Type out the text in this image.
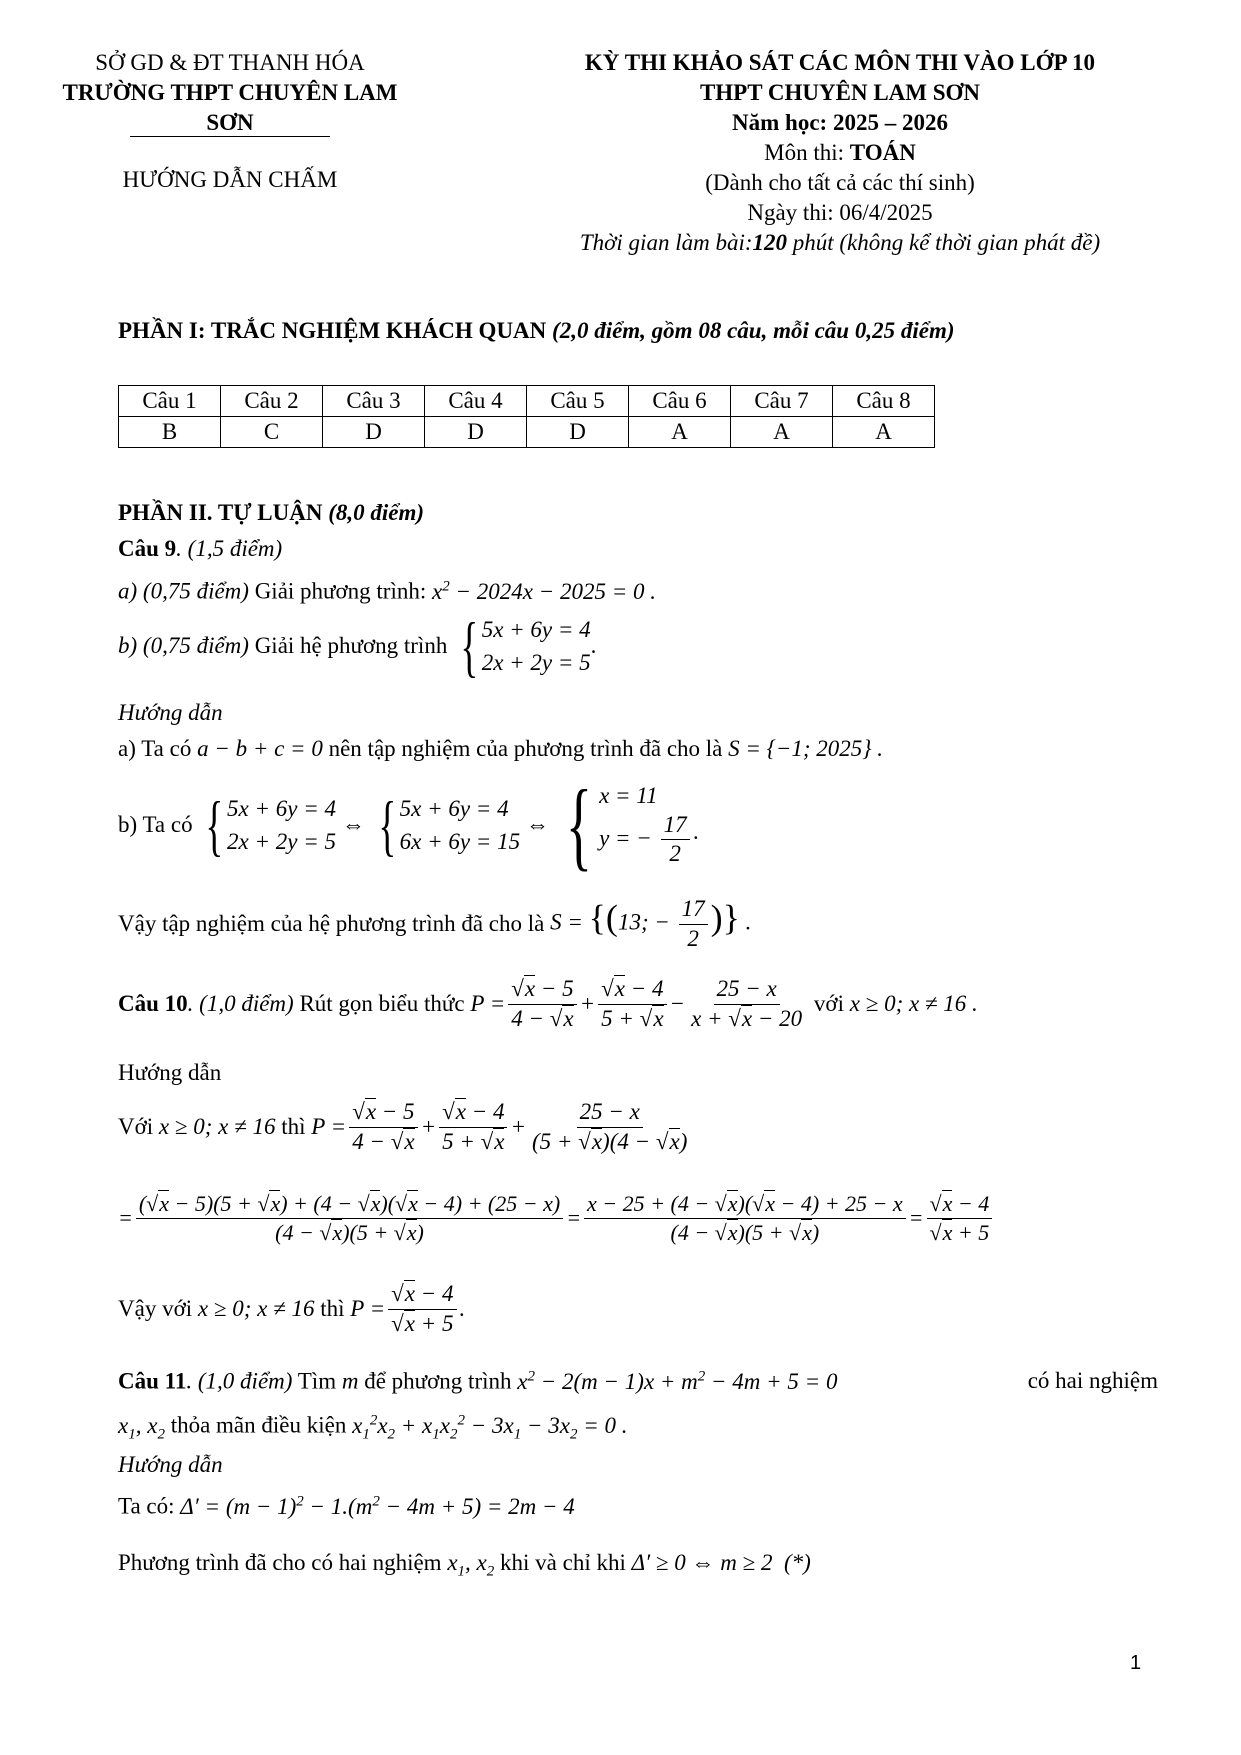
SỞ GD & ĐT THANH HÓA
TRƯỜNG THPT CHUYÊN LAM SƠN
HƯỚNG DẪN CHẤM
KỲ THI KHẢO SÁT CÁC MÔN THI VÀO LỚP 10
THPT CHUYÊN LAM SƠN
Năm học: 2025 – 2026
Môn thi: TOÁN
(Dành cho tất cả các thí sinh)
Ngày thi: 06/4/2025
Thời gian làm bài:120 phút (không kể thời gian phát đề)
PHẦN I: TRẮC NGHIỆM KHÁCH QUAN (2,0 điểm, gồm 08 câu, mỗi câu 0,25 điểm)
Câu 1	Câu 2	Câu 3	Câu 4	Câu 5	Câu 6	Câu 7	Câu 8
B	C	D	D	D	A	A	A
PHẦN II. TỰ LUẬN (8,0 điểm)
Câu 9. (1,5 điểm)
a) (0,75 điểm) Giải phương trình: $x^2 - 2024x - 2025 = 0$ .
b) (0,75 điểm) Giải hệ phương trình { 5x + 6y = 4
2x + 2y = 5
.
Hướng dẫn
a) Ta có a − b + c = 0 nên tập nghiệm của phương trình đã cho là S = {−1; 2025} .
b) Ta có { 5x + 6y = 4
2x + 2y = 5
⇔ { 5x + 6y = 4
6x + 6y = 15
⇔ { x = 11
y = − $\frac{17}{2}$ ·
Vậy tập nghiệm của hệ phương trình đã cho là S = {(13; − $\frac{17}{2}$ )} .
Câu 10 . (1,0 điểm) Rút gọn biểu thức $P = \frac{√x - 5}{4 - √x} + \frac{√x - 4}{5 + √x} - \frac{25 - x}{x + √x - 20}$ với x ≥ 0; x ≠ 16 .
Hướng dẫn
Với x ≥ 0; x ≠ 16 thì $P = \frac{√x - 5}{4 - √x} + \frac{√x - 4}{5 + √x} + \frac{25 - x}{(5 + √x)(4 - √x)}$
= $\frac{(√x - 5)(5 + √x) + (4 - √x)(√x - 4) + (25 - x)}{(4 - √x)(5 + √x)} = \frac{x - 25 + (4 - √x)(√x - 4) + 25 - x}{(4 - √x)(5 + √x)} = \frac{√x - 4}{√x + 5}$
Vậy với x ≥ 0; x ≠ 16 thì $P = \frac{√x - 4}{√x + 5}$ .
Câu 11. (1,0 điểm) Tìm m để phương trình $x^2 - 2(m - 1)x + m^2 - 4m + 5 = 0$	có hai nghiệm
$x_1$, $x_2$ thỏa mãn điều kiện $x_1^2x_2 + x_1x_2^2 - 3x_1 - 3x_2 = 0$ .
Hướng dẫn
Ta có: $\Delta' = (m - 1)^2 - 1.(m^2 - 4m + 5) = 2m - 4$
Phương trình đã cho có hai nghiệm $x_1$, $x_2$ khi và chỉ khi Δ′ ≥ 0 ⇔ m ≥ 2 (*)
1
